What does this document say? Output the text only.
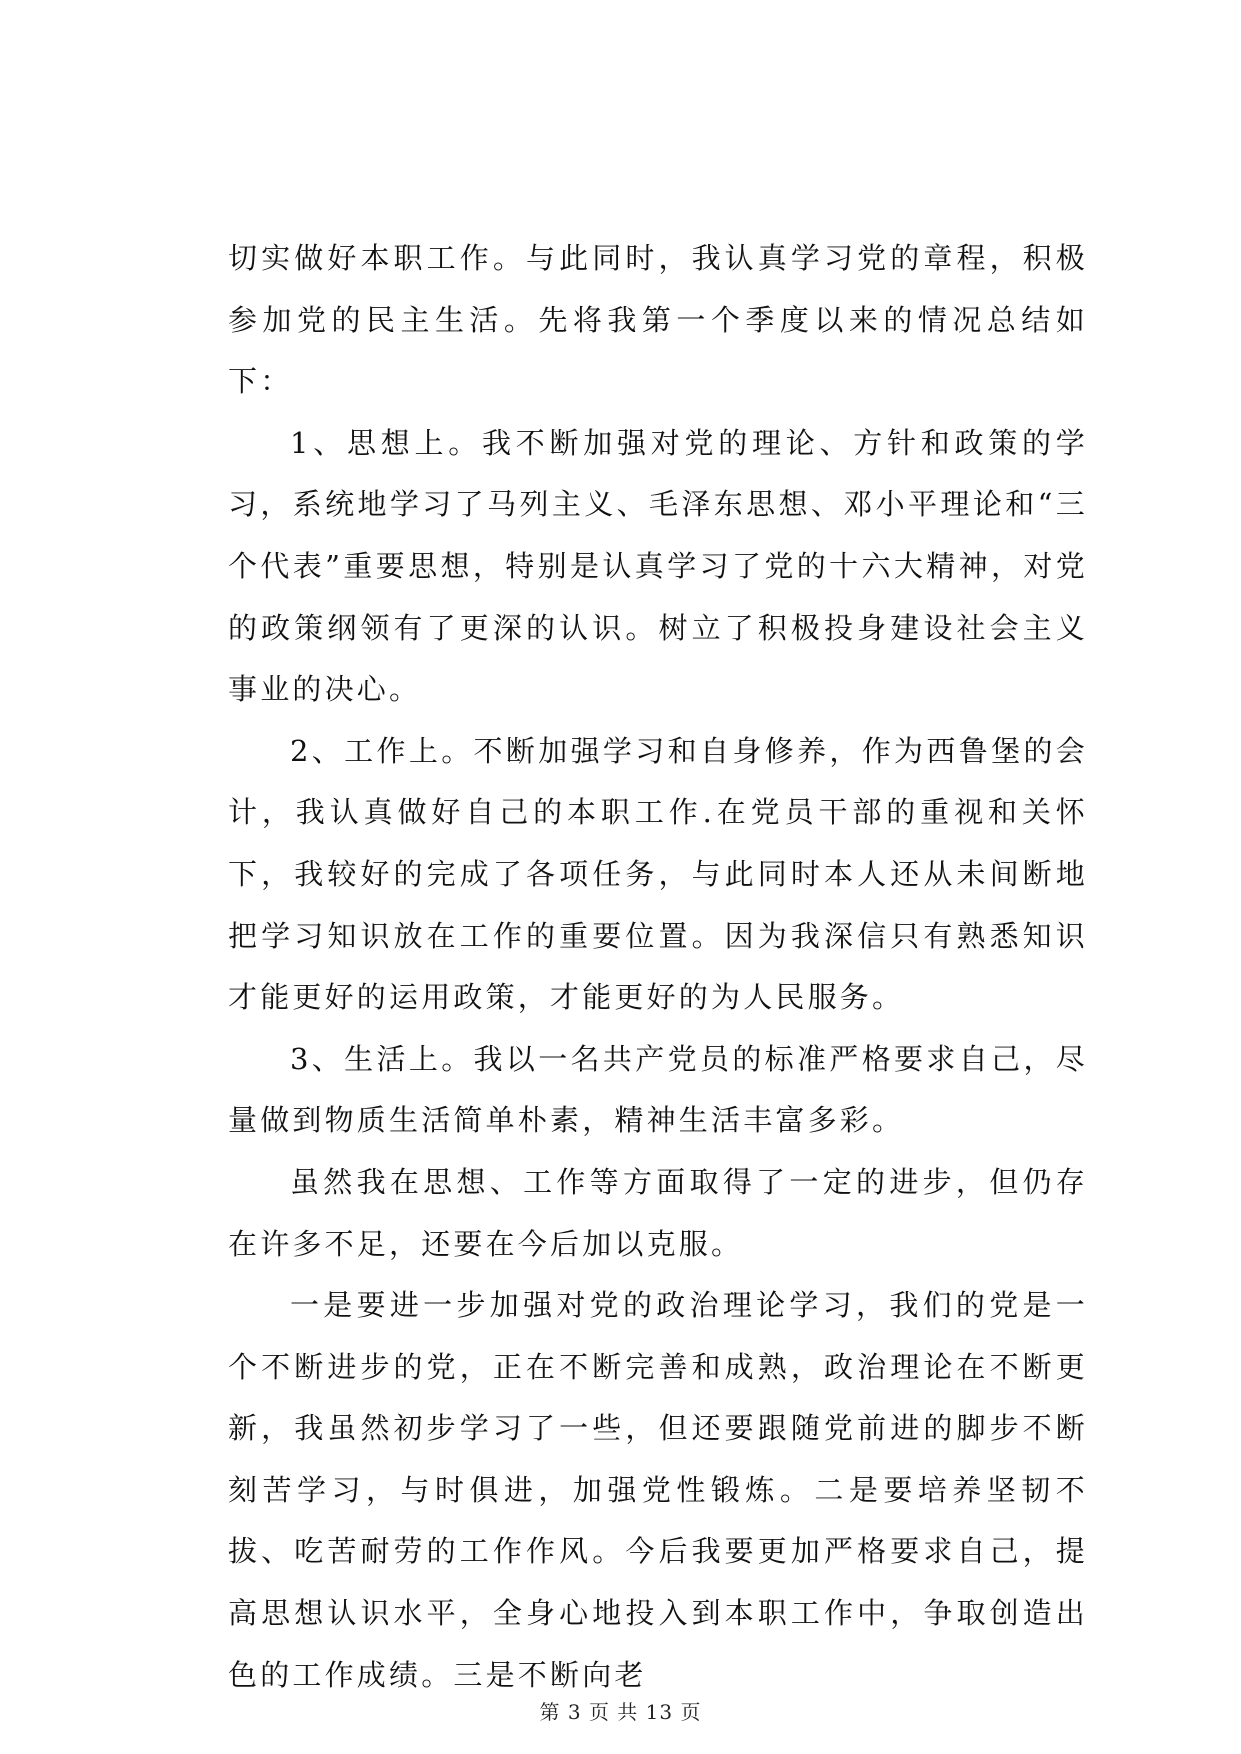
切实做好本职工作。与此同时，我认真学习党的章程，积极参加党的民主生活。先将我第一个季度以来的情况总结如下：

1、思想上。我不断加强对党的理论、方针和政策的学习，系统地学习了马列主义、毛泽东思想、邓小平理论和“三个代表”重要思想，特别是认真学习了党的十六大精神，对党的政策纲领有了更深的认识。树立了积极投身建设社会主义事业的决心。

2、工作上。不断加强学习和自身修养，作为西鲁堡的会计，我认真做好自己的本职工作.在党员干部的重视和关怀下，我较好的完成了各项任务，与此同时本人还从未间断地把学习知识放在工作的重要位置。因为我深信只有熟悉知识才能更好的运用政策，才能更好的为人民服务。

3、生活上。我以一名共产党员的标准严格要求自己，尽量做到物质生活简单朴素，精神生活丰富多彩。

虽然我在思想、工作等方面取得了一定的进步，但仍存在许多不足，还要在今后加以克服。

一是要进一步加强对党的政治理论学习，我们的党是一个不断进步的党，正在不断完善和成熟，政治理论在不断更新，我虽然初步学习了一些，但还要跟随党前进的脚步不断刻苦学习，与时俱进，加强党性锻炼。二是要培养坚韧不拔、吃苦耐劳的工作作风。今后我要更加严格要求自己，提高思想认识水平，全身心地投入到本职工作中，争取创造出色的工作成绩。三是不断向老

第 3 页 共 13 页
